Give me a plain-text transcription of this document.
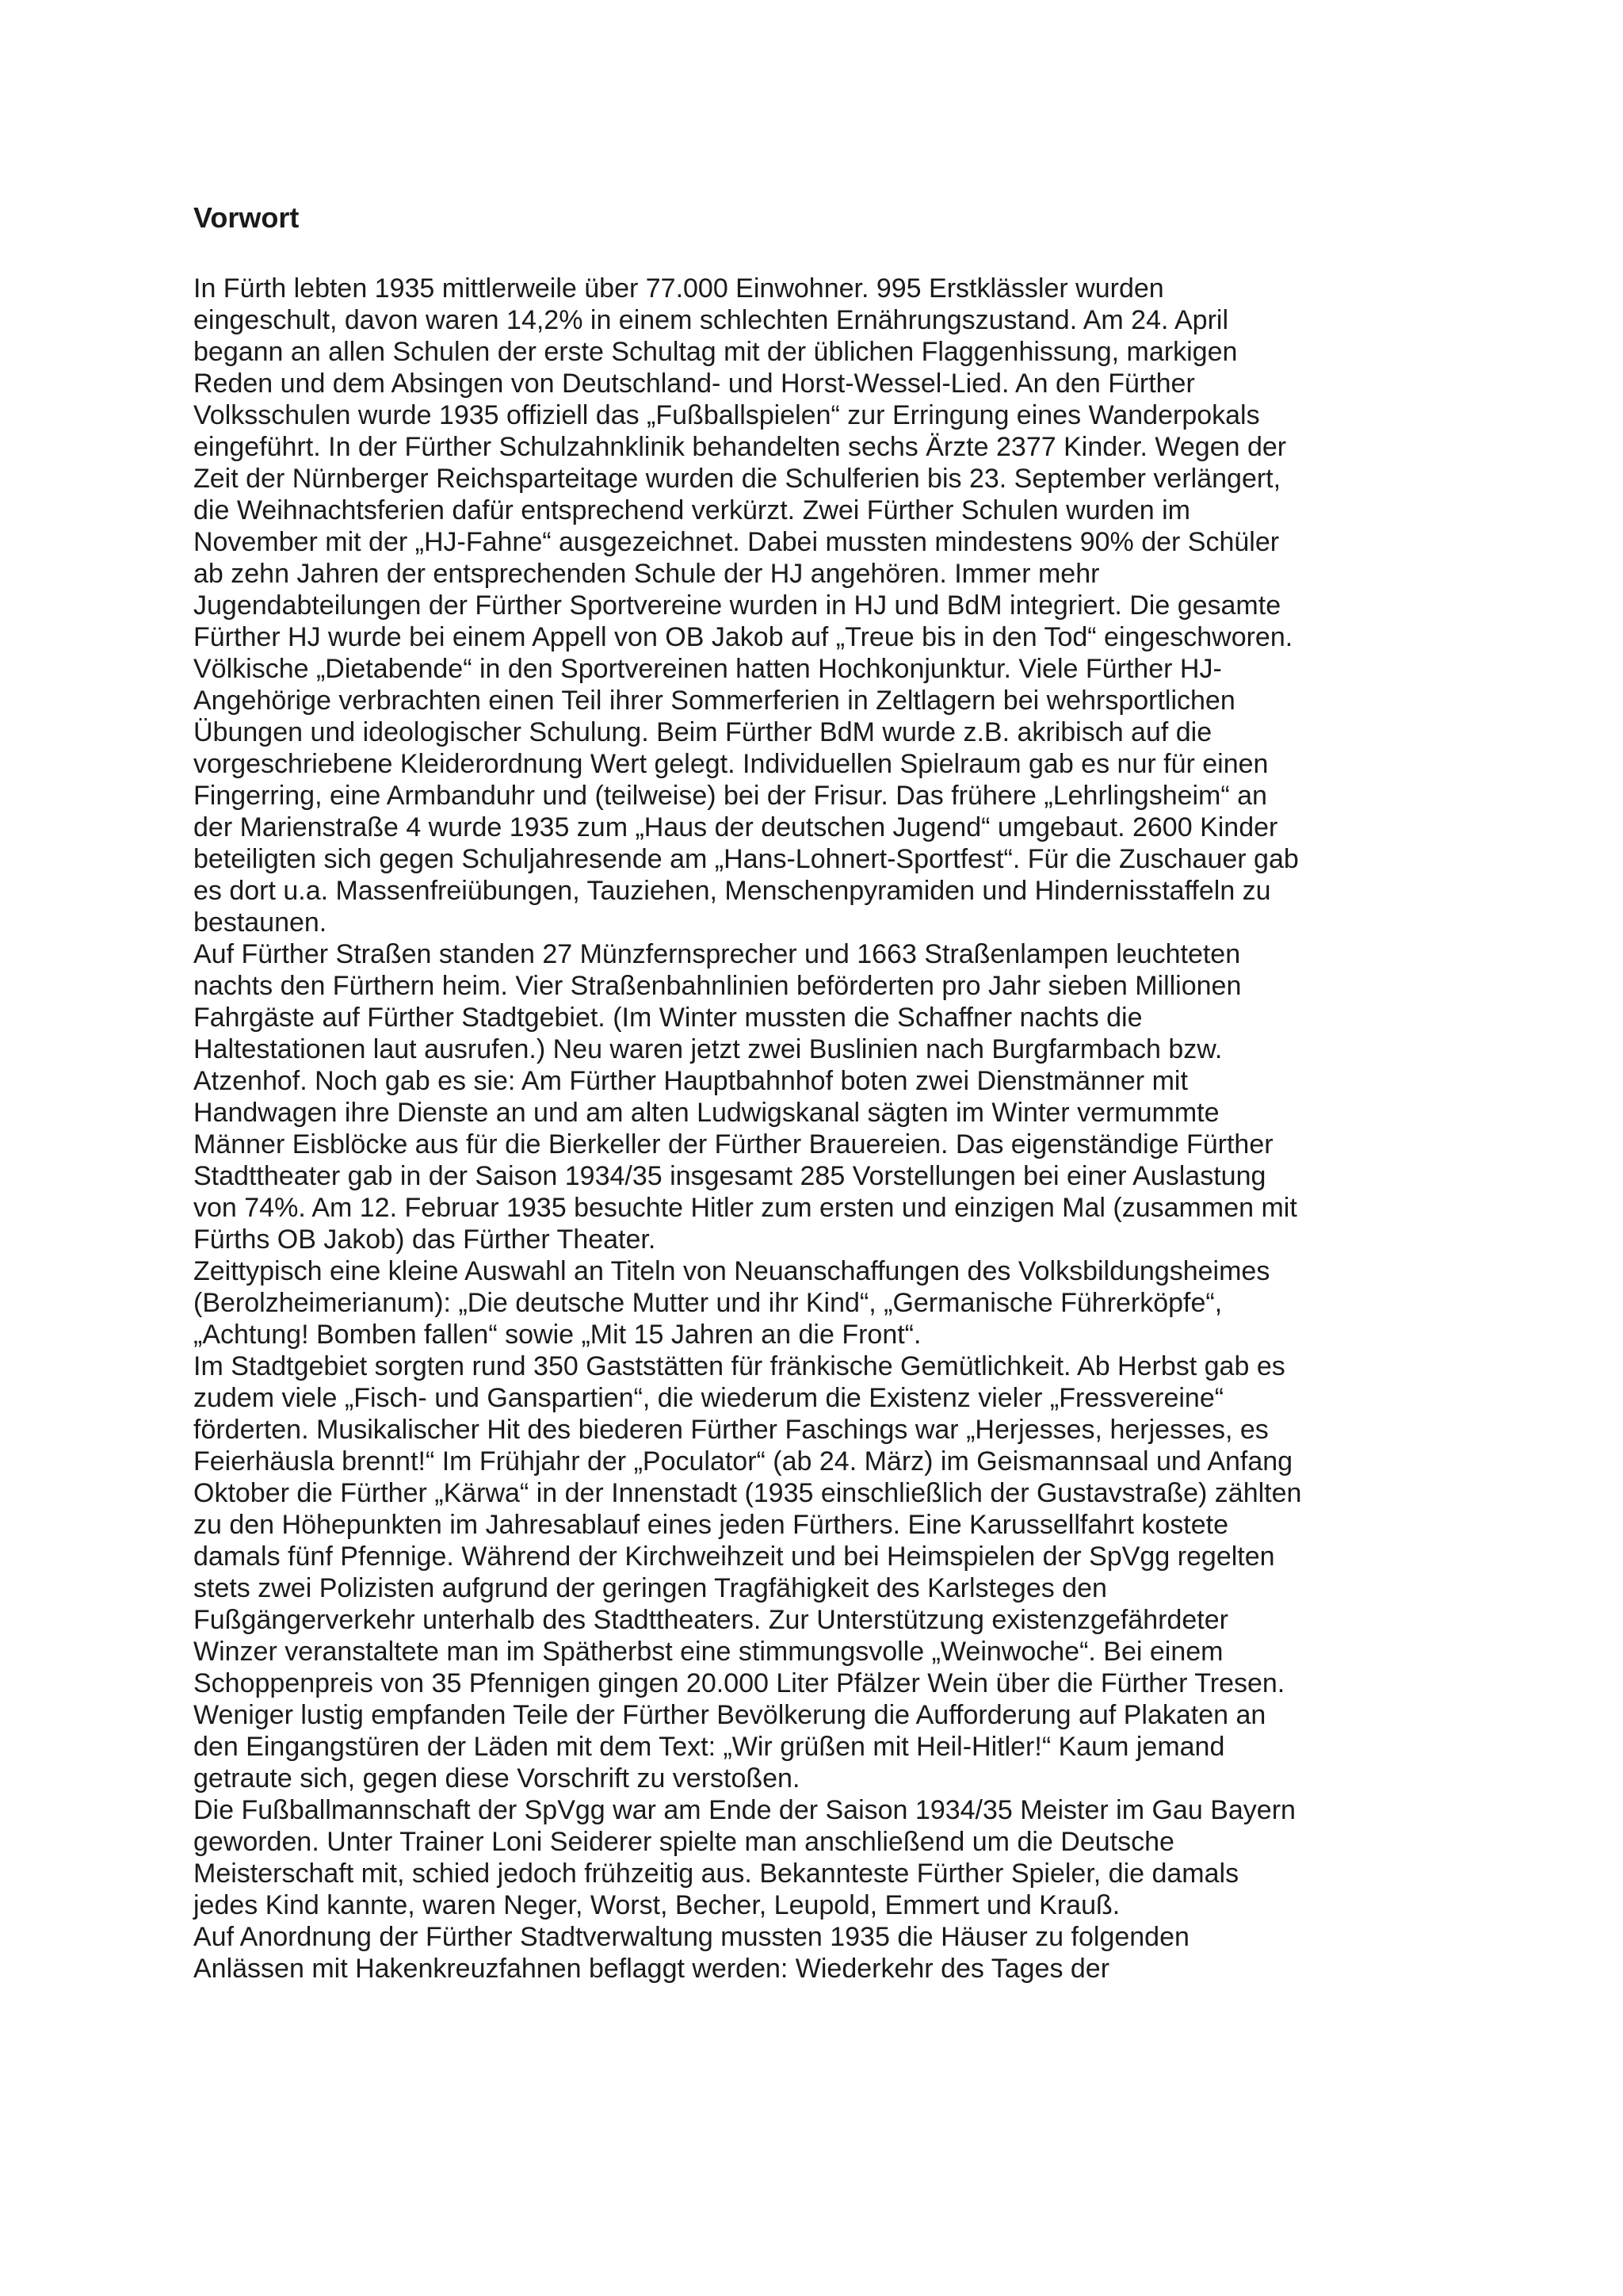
Vorwort

In Fürth lebten 1935 mittlerweile über 77.000 Einwohner. 995 Erstklässler wurden
eingeschult, davon waren 14,2% in einem schlechten Ernährungszustand. Am 24. April
begann an allen Schulen der erste Schultag mit der üblichen Flaggenhissung, markigen
Reden und dem Absingen von Deutschland- und Horst-Wessel-Lied. An den Fürther
Volksschulen wurde 1935 offiziell das „Fußballspielen“ zur Erringung eines Wanderpokals
eingeführt. In der Fürther Schulzahnklinik behandelten sechs Ärzte 2377 Kinder. Wegen der
Zeit der Nürnberger Reichsparteitage wurden die Schulferien bis 23. September verlängert,
die Weihnachtsferien dafür entsprechend verkürzt. Zwei Fürther Schulen wurden im
November mit der „HJ-Fahne“ ausgezeichnet. Dabei mussten mindestens 90% der Schüler
ab zehn Jahren der entsprechenden Schule der HJ angehören. Immer mehr
Jugendabteilungen der Fürther Sportvereine wurden in HJ und BdM integriert. Die gesamte
Fürther HJ wurde bei einem Appell von OB Jakob auf „Treue bis in den Tod“ eingeschworen.
Völkische „Dietabende“ in den Sportvereinen hatten Hochkonjunktur. Viele Fürther HJ-
Angehörige verbrachten einen Teil ihrer Sommerferien in Zeltlagern bei wehrsportlichen
Übungen und ideologischer Schulung. Beim Fürther BdM wurde z.B. akribisch auf die
vorgeschriebene Kleiderordnung Wert gelegt. Individuellen Spielraum gab es nur für einen
Fingerring, eine Armbanduhr und (teilweise) bei der Frisur. Das frühere „Lehrlingsheim“ an
der Marienstraße 4 wurde 1935 zum „Haus der deutschen Jugend“ umgebaut. 2600 Kinder
beteiligten sich gegen Schuljahresende am „Hans-Lohnert-Sportfest“. Für die Zuschauer gab
es dort u.a. Massenfreiübungen, Tauziehen, Menschenpyramiden und Hindernisstaffeln zu
bestaunen.

Auf Fürther Straßen standen 27 Münzfernsprecher und 1663 Straßenlampen leuchteten
nachts den Fürthern heim. Vier Straßenbahnlinien beförderten pro Jahr sieben Millionen
Fahrgäste auf Fürther Stadtgebiet. (Im Winter mussten die Schaffner nachts die
Haltestationen laut ausrufen.) Neu waren jetzt zwei Buslinien nach Burgfarmbach bzw.
Atzenhof. Noch gab es sie: Am Fürther Hauptbahnhof boten zwei Dienstmänner mit
Handwagen ihre Dienste an und am alten Ludwigskanal sägten im Winter vermummte
Männer Eisblöcke aus für die Bierkeller der Fürther Brauereien. Das eigenständige Fürther
Stadttheater gab in der Saison 1934/35 insgesamt 285 Vorstellungen bei einer Auslastung
von 74%. Am 12. Februar 1935 besuchte Hitler zum ersten und einzigen Mal (zusammen mit
Fürths OB Jakob) das Fürther Theater.

Zeittypisch eine kleine Auswahl an Titeln von Neuanschaffungen des Volksbildungsheimes
(Berolzheimerianum): „Die deutsche Mutter und ihr Kind“, „Germanische Führerköpfe“,
„Achtung! Bomben fallen“ sowie „Mit 15 Jahren an die Front“.

Im Stadtgebiet sorgten rund 350 Gaststätten für fränkische Gemütlichkeit. Ab Herbst gab es
zudem viele „Fisch- und Ganspartien“, die wiederum die Existenz vieler „Fressvereine“
förderten. Musikalischer Hit des biederen Fürther Faschings war „Herjesses, herjesses, es
Feierhäusla brennt!“ Im Frühjahr der „Poculator“ (ab 24. März) im Geismannsaal und Anfang
Oktober die Fürther „Kärwa“ in der Innenstadt (1935 einschließlich der Gustavstraße) zählten
zu den Höhepunkten im Jahresablauf eines jeden Fürthers. Eine Karussellfahrt kostete
damals fünf Pfennige. Während der Kirchweihzeit und bei Heimspielen der SpVgg regelten
stets zwei Polizisten aufgrund der geringen Tragfähigkeit des Karlsteges den
Fußgängerverkehr unterhalb des Stadttheaters. Zur Unterstützung existenzgefährdeter
Winzer veranstaltete man im Spätherbst eine stimmungsvolle „Weinwoche“. Bei einem
Schoppenpreis von 35 Pfennigen gingen 20.000 Liter Pfälzer Wein über die Fürther Tresen.
Weniger lustig empfanden Teile der Fürther Bevölkerung die Aufforderung auf Plakaten an
den Eingangstüren der Läden mit dem Text: „Wir grüßen mit Heil-Hitler!“ Kaum jemand
getraute sich, gegen diese Vorschrift zu verstoßen.

Die Fußballmannschaft der SpVgg war am Ende der Saison 1934/35 Meister im Gau Bayern
geworden. Unter Trainer Loni Seiderer spielte man anschließend um die Deutsche
Meisterschaft mit, schied jedoch frühzeitig aus. Bekannteste Fürther Spieler, die damals
jedes Kind kannte, waren Neger, Worst, Becher, Leupold, Emmert und Krauß.

Auf Anordnung der Fürther Stadtverwaltung mussten 1935 die Häuser zu folgenden
Anlässen mit Hakenkreuzfahnen beflaggt werden: Wiederkehr des Tages der
